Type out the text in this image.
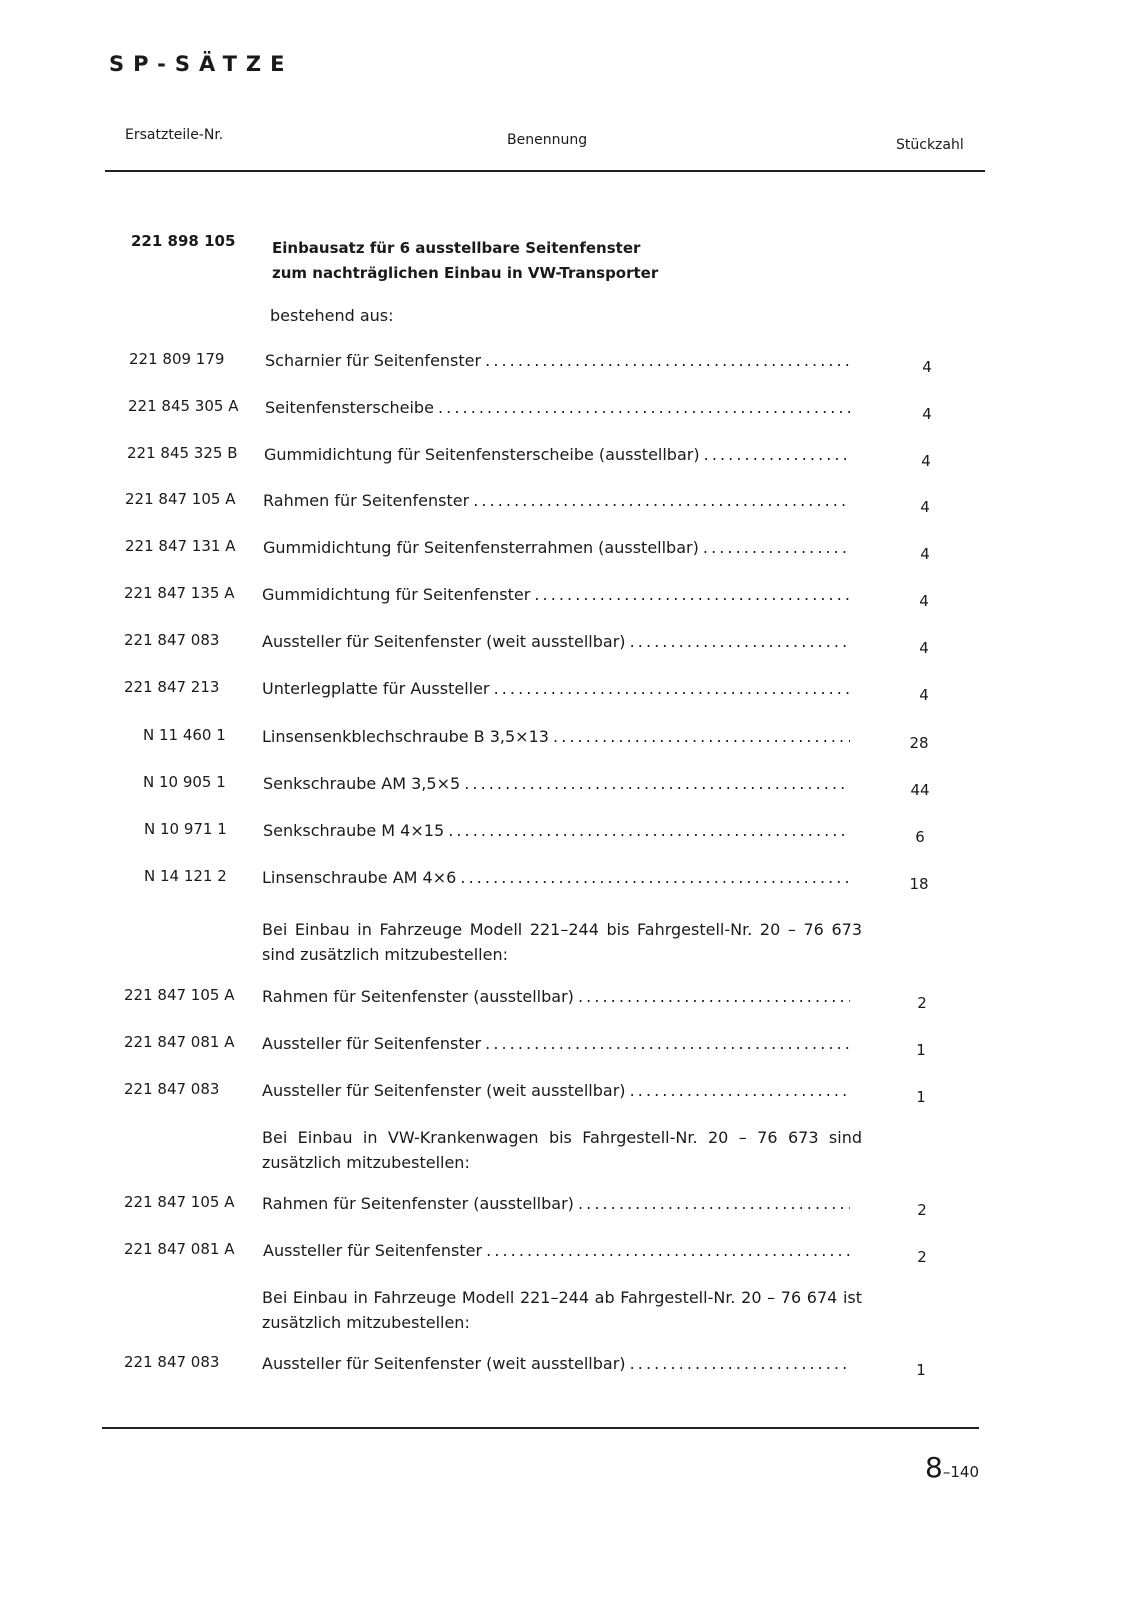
SP-SÄTZE
Ersatzteile-Nr.	Benennung	Stückzahl
221 898 105 Einbausatz für 6 ausstellbare Seitenfenster
zum nachträglichen Einbau in VW-Transporter
bestehend aus:
221 809 179	Scharnier für Seitenfenster . . .	4
221 845 305 A Seitenfensterscheibe . . .	4
221 845 325 B Gummidichtung für Seitenfensterscheibe (ausstellbar) . . .	4
221 847 105 A Rahmen für Seitenfenster . . .	4
221 847 131 A Gummidichtung für Seitenfensterrahmen (ausstellbar) . . .	4
221 847 135 A Gummidichtung für Seitenfenster . . .	4
221 847 083	Aussteller für Seitenfenster (weit ausstellbar) . . .	4
221 847 213	Unterlegplatte für Aussteller . . .	4
N 11 460 1 Linsensenkblechschraube B 3,5×13 . . .	28
N 10 905 1 Senkschraube AM 3,5×5 . . .	44
N 10 971 1 Senkschraube M 4×15 . . .	6
N 14 121 2 Linsenschraube AM 4×6 . . .	18
221 847 105 A Rahmen für Seitenfenster (ausstellbar) . . .	2
221 847 081 A Aussteller für Seitenfenster . . .	1
221 847 083	Aussteller für Seitenfenster (weit ausstellbar) . . .	1
221 847 105 A Rahmen für Seitenfenster (ausstellbar) . . .	2
221 847 081 A Aussteller für Seitenfenster . . .	2
221 847 083	Aussteller für Seitenfenster (weit ausstellbar) . . .	1
Bei Einbau in Fahrzeuge Modell 221–244 bis Fahrgestell-Nr. 20 – 76 673 sind zusätzlich mitzubestellen:
Bei Einbau in VW-Krankenwagen bis Fahrgestell-Nr. 20 – 76 673 sind zusätzlich mitzubestellen:
Bei Einbau in Fahrzeuge Modell 221–244 ab Fahrgestell-Nr. 20 – 76 674 ist zusätzlich mitzubestellen:
8–140
